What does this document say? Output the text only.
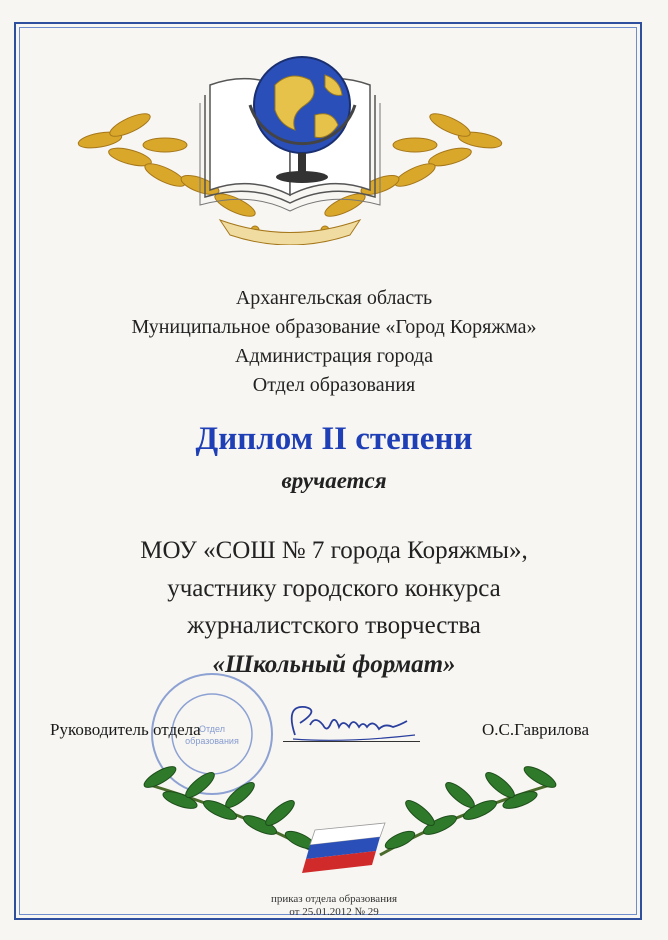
Архангельская область
Муниципальное образование «Город Коряжма»
Администрация города
Отдел образования
Диплом II степени
вручается
МОУ «СОШ № 7 города Коряжмы»,
участнику городского конкурса
журналистского творчества
«Школьный формат»
Отдел
образования
Руководитель отдела	О.С.Гаврилова
приказ отдела образования
от 25.01.2012 № 29
